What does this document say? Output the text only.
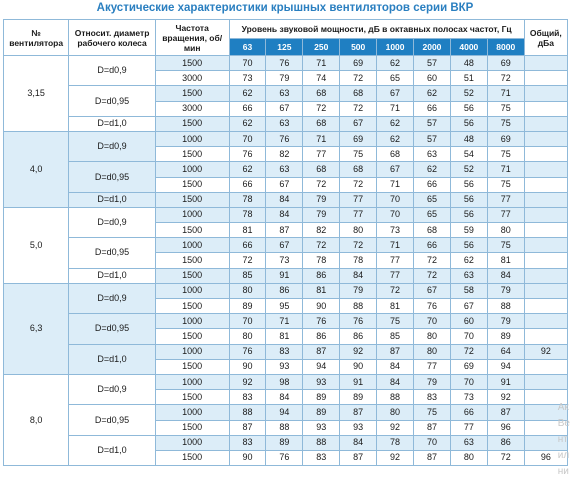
Акустические характеристики крышных вентиляторов серии ВКР
№ вентилятора	Относит. диаметр рабочего колеса	Частота вращения, об/мин	Уровень звуковой мощности, дБ в октавных полосах частот, Гц								Общий, дБа
			63	125	250	500	1000	2000	4000	8000	
3,15	D=d0,9	1500	70	76	71	69	62	57	48	69	
		3000	73	79	74	72	65	60	51	72	
	D=d0,95	1500	62	63	68	68	67	62	52	71	
		3000	66	67	72	72	71	66	56	75	
	D=d1,0	1500	62	63	68	67	62	57	56	75	
4,0	D=d0,9	1000	70	76	71	69	62	57	48	69	
		1500	76	82	77	75	68	63	54	75	
	D=d0,95	1000	62	63	68	68	67	62	52	71	
		1500	66	67	72	72	71	66	56	75	
	D=d1,0	1500	78	84	79	77	70	65	56	77	
5,0	D=d0,9	1000	78	84	79	77	70	65	56	77	
		1500	81	87	82	80	73	68	59	80	
	D=d0,95	1000	66	67	72	72	71	66	56	75	
		1500	72	73	78	78	77	72	62	81	
	D=d1,0	1500	85	91	86	84	77	72	63	84	
6,3	D=d0,9	1000	80	86	81	79	72	67	58	79	
		1500	89	95	90	88	81	76	67	88	
	D=d0,95	1000	70	71	76	76	75	70	60	79	
		1500	80	81	86	86	85	80	70	89	
	D=d1,0	1000	76	83	87	92	87	80	72	64	92
		1500	90	93	94	90	84	77	69	94	
8,0	D=d0,9	1000	92	98	93	91	84	79	70	91	
		1500	83	84	89	89	88	83	73	92	
	D=d0,95	1000	88	94	89	87	80	75	66	87	
		1500	87	88	93	93	92	87	77	96	
	D=d1,0	1000	83	89	88	84	78	70	63	86	
		1500	90	76	83	87	92	87	80	72	96
Ак
Ве
нт
ил
ни
